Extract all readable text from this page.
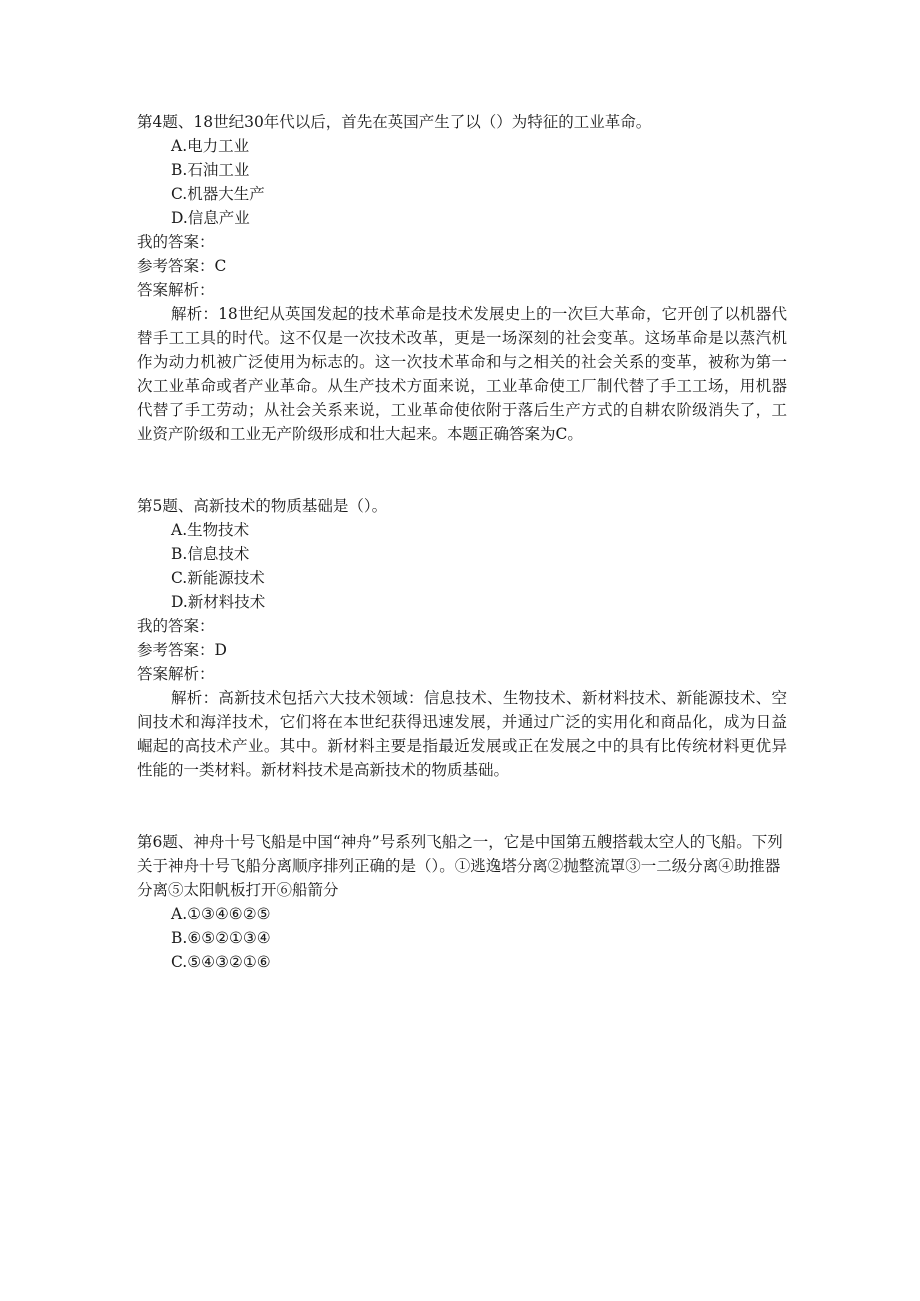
第4题、18世纪30年代以后，首先在英国产生了以（）为特征的工业革命。

A.电力工业

B.石油工业

C.机器大生产

D.信息产业

我的答案：

参考答案：C

答案解析：

解析：18世纪从英国发起的技术革命是技术发展史上的一次巨大革命，它开创了以机器代替手工工具的时代。这不仅是一次技术改革，更是一场深刻的社会变革。这场革命是以蒸汽机作为动力机被广泛使用为标志的。这一次技术革命和与之相关的社会关系的变革，被称为第一次工业革命或者产业革命。从生产技术方面来说，工业革命使工厂制代替了手工工场，用机器代替了手工劳动；从社会关系来说，工业革命使依附于落后生产方式的自耕农阶级消失了，工业资产阶级和工业无产阶级形成和壮大起来。本题正确答案为C。

第5题、高新技术的物质基础是（）。

A.生物技术

B.信息技术

C.新能源技术

D.新材料技术

我的答案：

参考答案：D

答案解析：

解析：高新技术包括六大技术领域：信息技术、生物技术、新材料技术、新能源技术、空间技术和海洋技术，它们将在本世纪获得迅速发展，并通过广泛的实用化和商品化，成为日益崛起的高技术产业。其中。新材料主要是指最近发展或正在发展之中的具有比传统材料更优异性能的一类材料。新材料技术是高新技术的物质基础。

第6题、神舟十号飞船是中国“神舟”号系列飞船之一，它是中国第五艘搭载太空人的飞船。下列关于神舟十号飞船分离顺序排列正确的是（）。①逃逸塔分离②抛整流罩③一二级分离④助推器分离⑤太阳帆板打开⑥船箭分

A.①③④⑥②⑤

B.⑥⑤②①③④

C.⑤④③②①⑥
